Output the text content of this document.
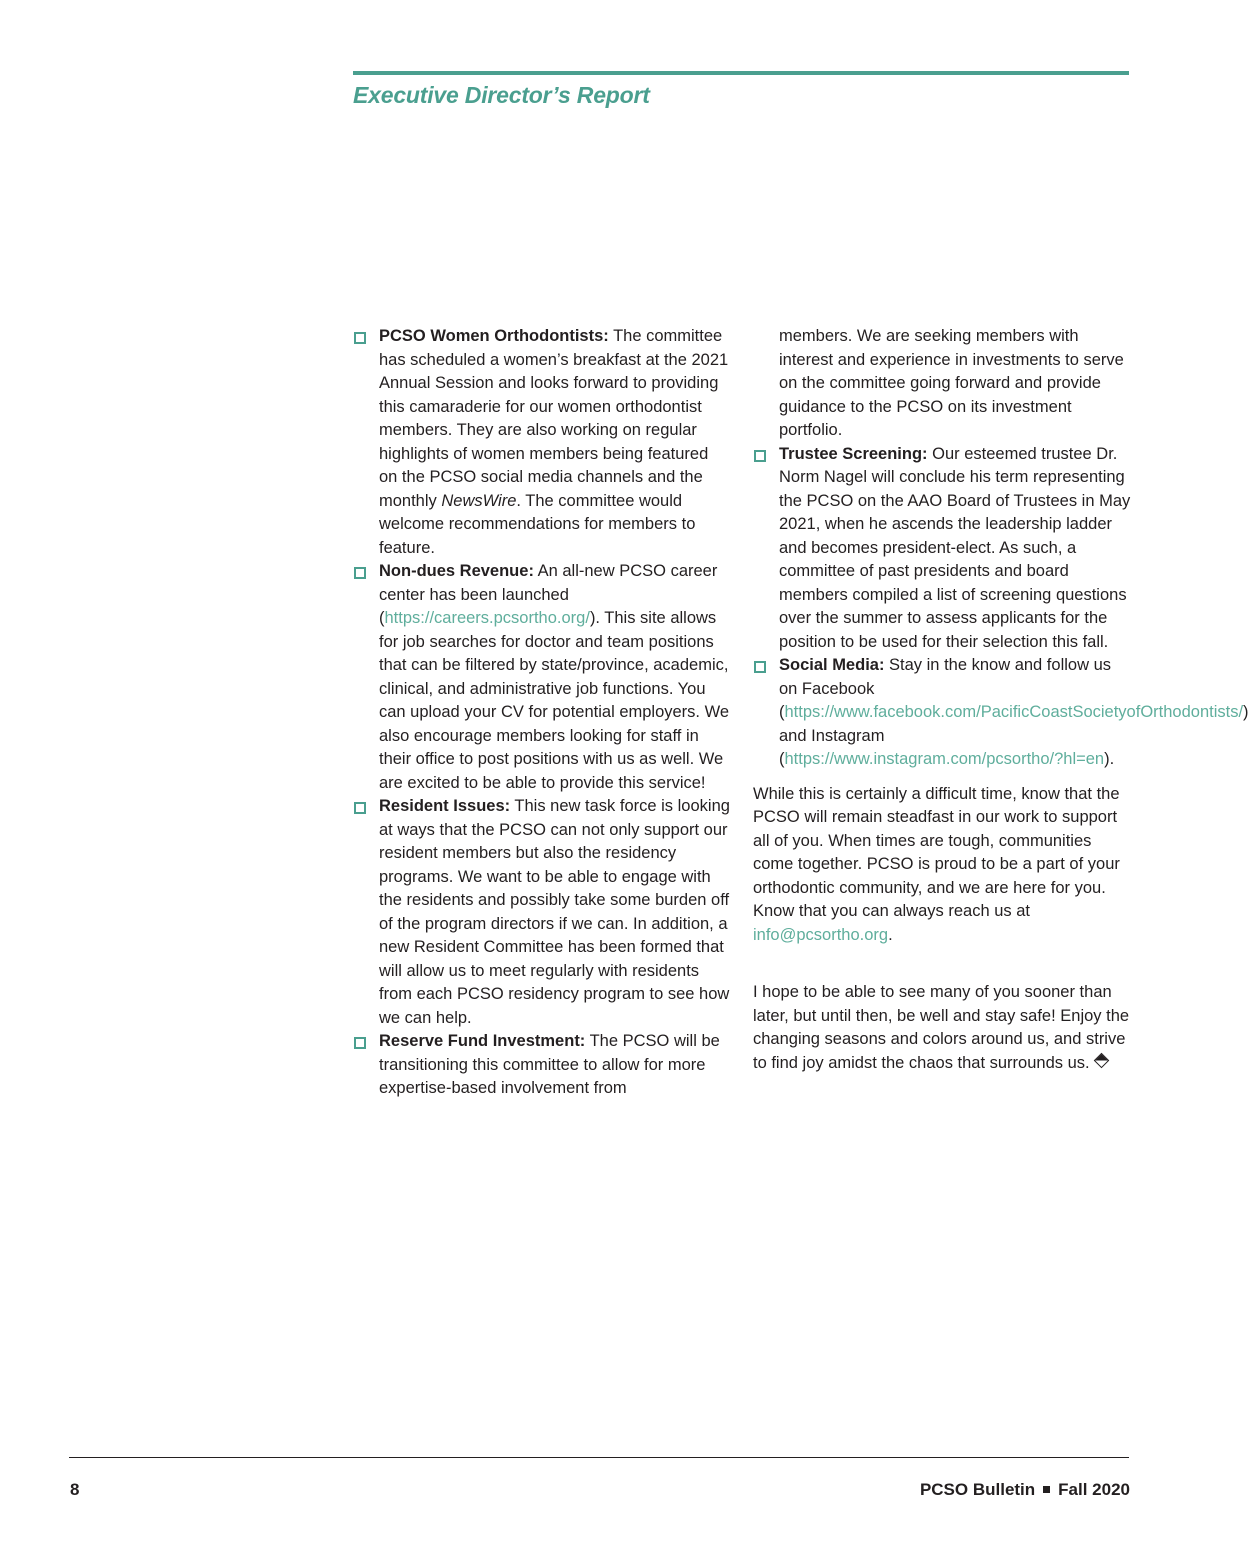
Executive Director’s Report
PCSO Women Orthodontists: The committee has scheduled a women’s breakfast at the 2021 Annual Session and looks forward to providing this camaraderie for our women orthodontist members. They are also working on regular highlights of women members being featured on the PCSO social media channels and the monthly NewsWire. The committee would welcome recommendations for members to feature.
Non-dues Revenue: An all-new PCSO career center has been launched (https://careers.pcsortho.org/). This site allows for job searches for doctor and team positions that can be filtered by state/province, academic, clinical, and administrative job functions. You can upload your CV for potential employers. We also encourage members looking for staff in their office to post positions with us as well. We are excited to be able to provide this service!
Resident Issues: This new task force is looking at ways that the PCSO can not only support our resident members but also the residency programs. We want to be able to engage with the residents and possibly take some burden off of the program directors if we can. In addition, a new Resident Committee has been formed that will allow us to meet regularly with residents from each PCSO residency program to see how we can help.
Reserve Fund Investment: The PCSO will be transitioning this committee to allow for more expertise-based involvement from
members. We are seeking members with interest and experience in investments to serve on the committee going forward and provide guidance to the PCSO on its investment portfolio.
Trustee Screening: Our esteemed trustee Dr. Norm Nagel will conclude his term representing the PCSO on the AAO Board of Trustees in May 2021, when he ascends the leadership ladder and becomes president-elect. As such, a committee of past presidents and board members compiled a list of screening questions over the summer to assess applicants for the position to be used for their selection this fall.
Social Media: Stay in the know and follow us on Facebook (https://www.facebook.com/PacificCoastSocietyofOrthodontists/) and Instagram (https://www.instagram.com/pcsortho/?hl=en).

While this is certainly a difficult time, know that the PCSO will remain steadfast in our work to support all of you. When times are tough, communities come together. PCSO is proud to be a part of your orthodontic community, and we are here for you. Know that you can always reach us at info@pcsortho.org.

I hope to be able to see many of you sooner than later, but until then, be well and stay safe! Enjoy the changing seasons and colors around us, and strive to find joy amidst the chaos that surrounds us.

8	PCSO Bulletin Fall 2020
